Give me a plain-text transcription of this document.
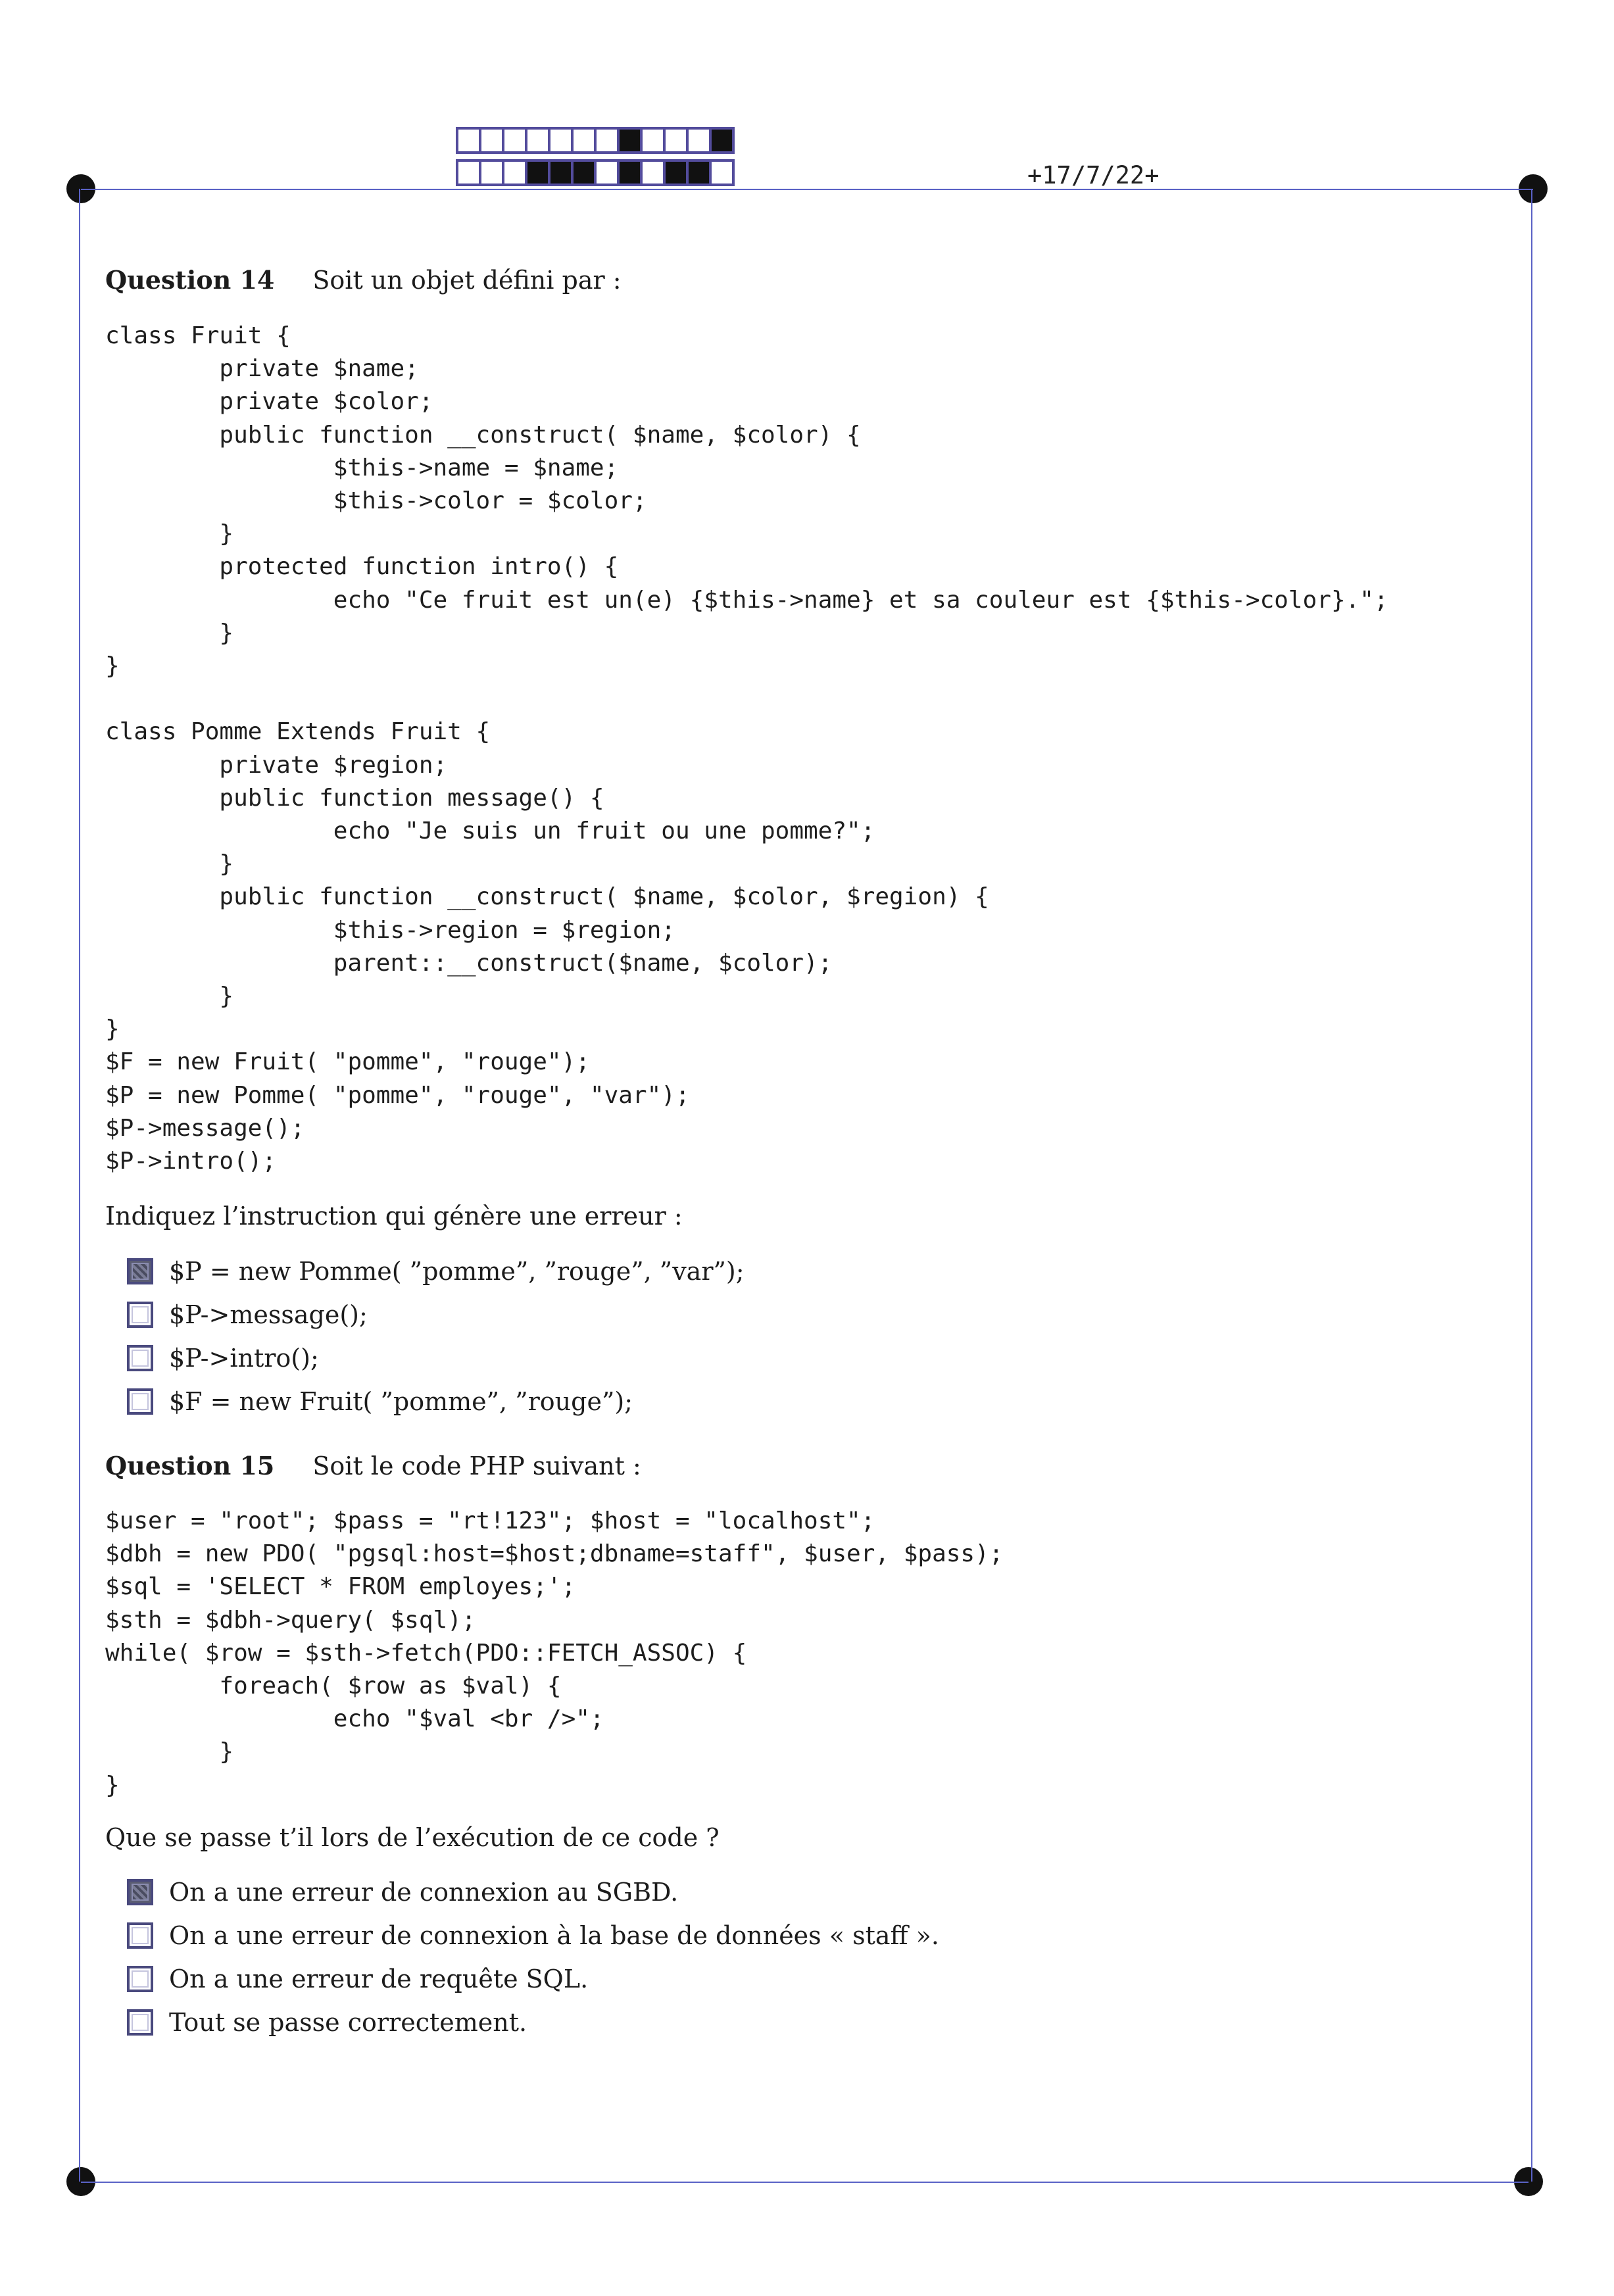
+17/7/22+
Question 14 Soit un objet défini par :
class Fruit {
private $name;
private $color;
public function __construct( $name, $color) {
$this->name = $name;
$this->color = $color;
}
protected function intro() {
echo "Ce fruit est un(e) {$this->name} et sa couleur est {$this->color}.";
}
}

class Pomme Extends Fruit {
private $region;
public function message() {
echo "Je suis un fruit ou une pomme?";
}
public function __construct( $name, $color, $region) {
$this->region = $region;
parent::__construct($name, $color);
}
}
$F = new Fruit( "pomme", "rouge");
$P = new Pomme( "pomme", "rouge", "var");
$P->message();
$P->intro();
Indiquez l’instruction qui génère une erreur :
$P = new Pomme( ”pomme”, ”rouge”, ”var”);
$P->message();
$P->intro();
$F = new Fruit( ”pomme”, ”rouge”);
Question 15 Soit le code PHP suivant :
$user = "root"; $pass = "rt!123"; $host = "localhost";
$dbh = new PDO( "pgsql:host=$host;dbname=staff", $user, $pass);
$sql = 'SELECT * FROM employes;';
$sth = $dbh->query( $sql);
while( $row = $sth->fetch(PDO::FETCH_ASSOC) {
foreach( $row as $val) {
echo "$val <br />";
}
}
Que se passe t’il lors de l’exécution de ce code ?
On a une erreur de connexion au SGBD.
On a une erreur de connexion à la base de données « staff ».
On a une erreur de requête SQL.
Tout se passe correctement.
